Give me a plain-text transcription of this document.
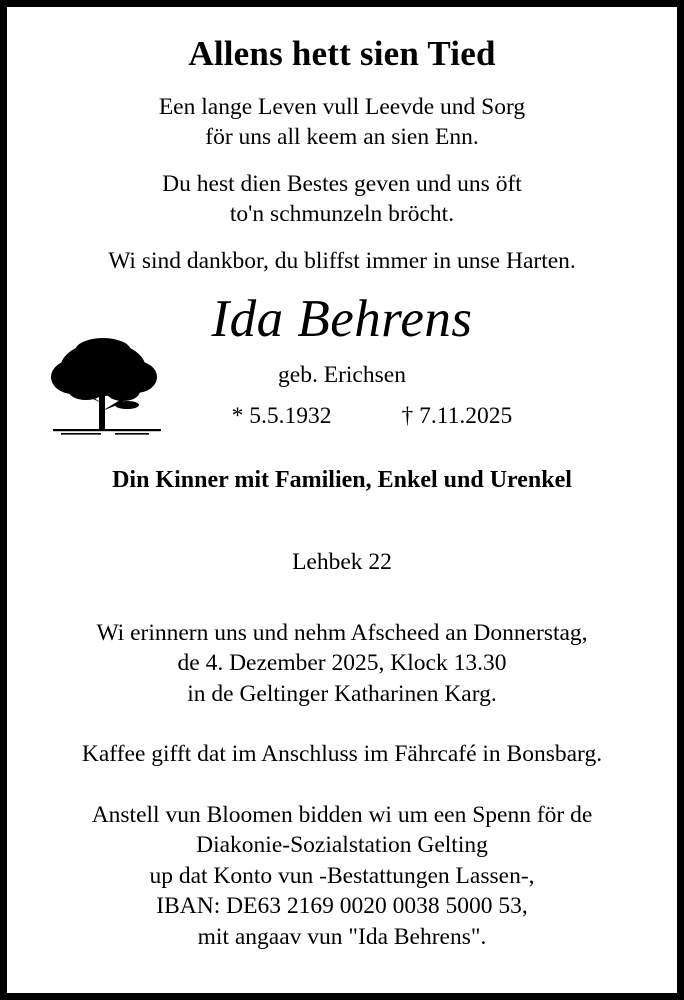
Allens hett sien Tied
Een lange Leven vull Leevde und Sorg
för uns all keem an sien Enn.
Du hest dien Bestes geven und uns öft
to'n schmunzeln bröcht.
Wi sind dankbor, du bliffst immer in unse Harten.
Ida Behrens
geb. Erichsen
* 5.5.1932	† 7.11.2025
Din Kinner mit Familien, Enkel und Urenkel
Lehbek 22
Wi erinnern uns und nehm Afscheed an Donnerstag,
de 4. Dezember 2025, Klock 13.30
in de Geltinger Katharinen Karg.
Kaffee gifft dat im Anschluss im Fährcafé in Bonsbarg.
Anstell vun Bloomen bidden wi um een Spenn för de
Diakonie-Sozialstation Gelting
up dat Konto vun -Bestattungen Lassen-,
IBAN: DE63 2169 0020 0038 5000 53,
mit angaav vun "Ida Behrens".
